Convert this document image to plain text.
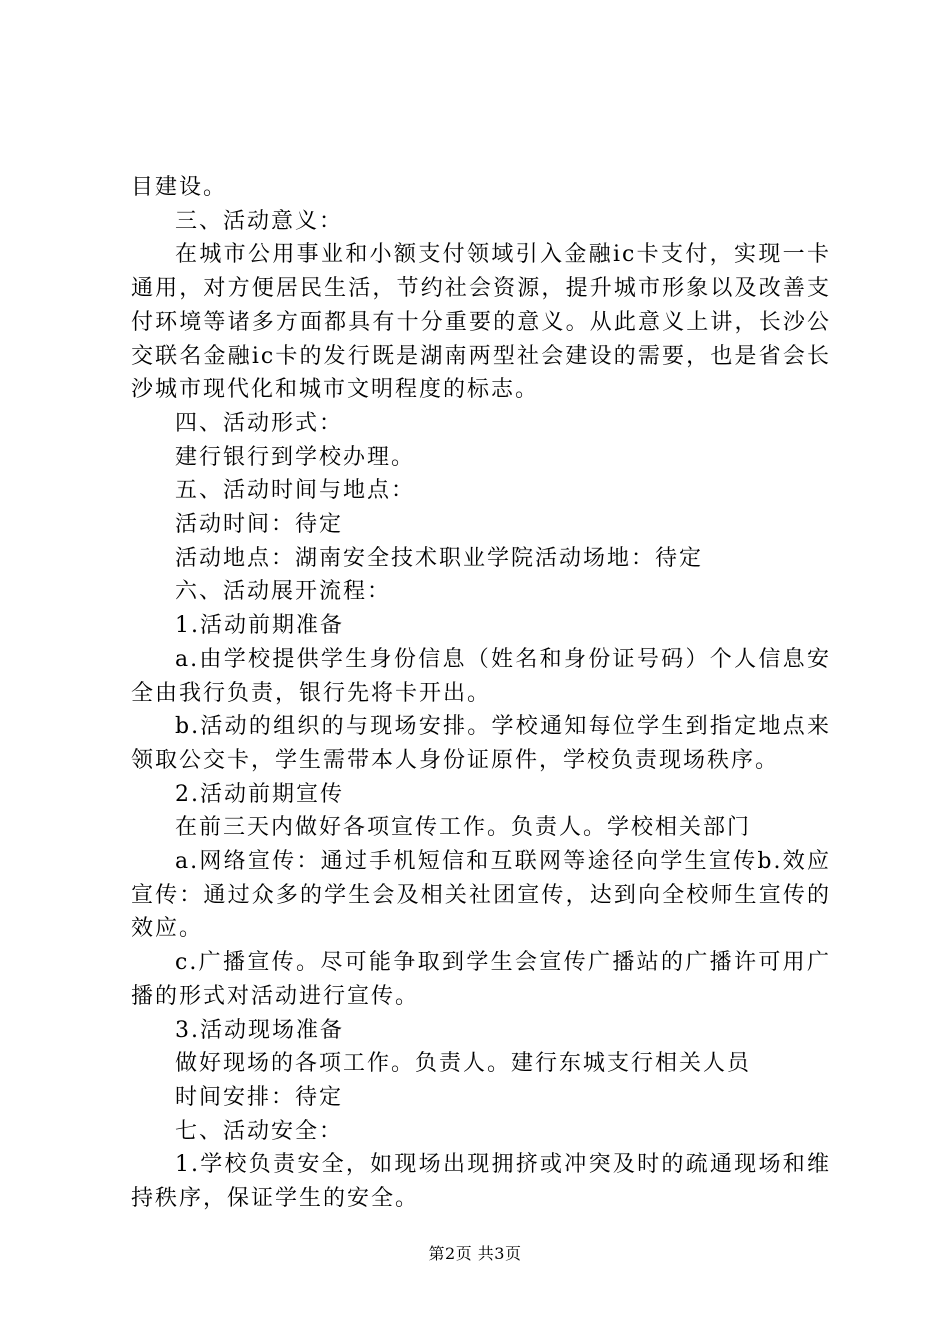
目建设。

三、活动意义：

在城市公用事业和小额支付领域引入金融ic卡支付，实现一卡通用，对方便居民生活，节约社会资源，提升城市形象以及改善支付环境等诸多方面都具有十分重要的意义。从此意义上讲，长沙公交联名金融ic卡的发行既是湖南两型社会建设的需要，也是省会长沙城市现代化和城市文明程度的标志。

四、活动形式：

建行银行到学校办理。

五、活动时间与地点：

活动时间：待定

活动地点：湖南安全技术职业学院活动场地：待定

六、活动展开流程：

1.活动前期准备

a.由学校提供学生身份信息（姓名和身份证号码）个人信息安全由我行负责，银行先将卡开出。

b.活动的组织的与现场安排。学校通知每位学生到指定地点来领取公交卡，学生需带本人身份证原件，学校负责现场秩序。

2.活动前期宣传

在前三天内做好各项宣传工作。负责人。学校相关部门

a.网络宣传：通过手机短信和互联网等途径向学生宣传b.效应宣传：通过众多的学生会及相关社团宣传，达到向全校师生宣传的效应。

c.广播宣传。尽可能争取到学生会宣传广播站的广播许可用广播的形式对活动进行宣传。

3.活动现场准备

做好现场的各项工作。负责人。建行东城支行相关人员

时间安排：待定

七、活动安全：

1.学校负责安全，如现场出现拥挤或冲突及时的疏通现场和维持秩序，保证学生的安全。

第2页 共3页
